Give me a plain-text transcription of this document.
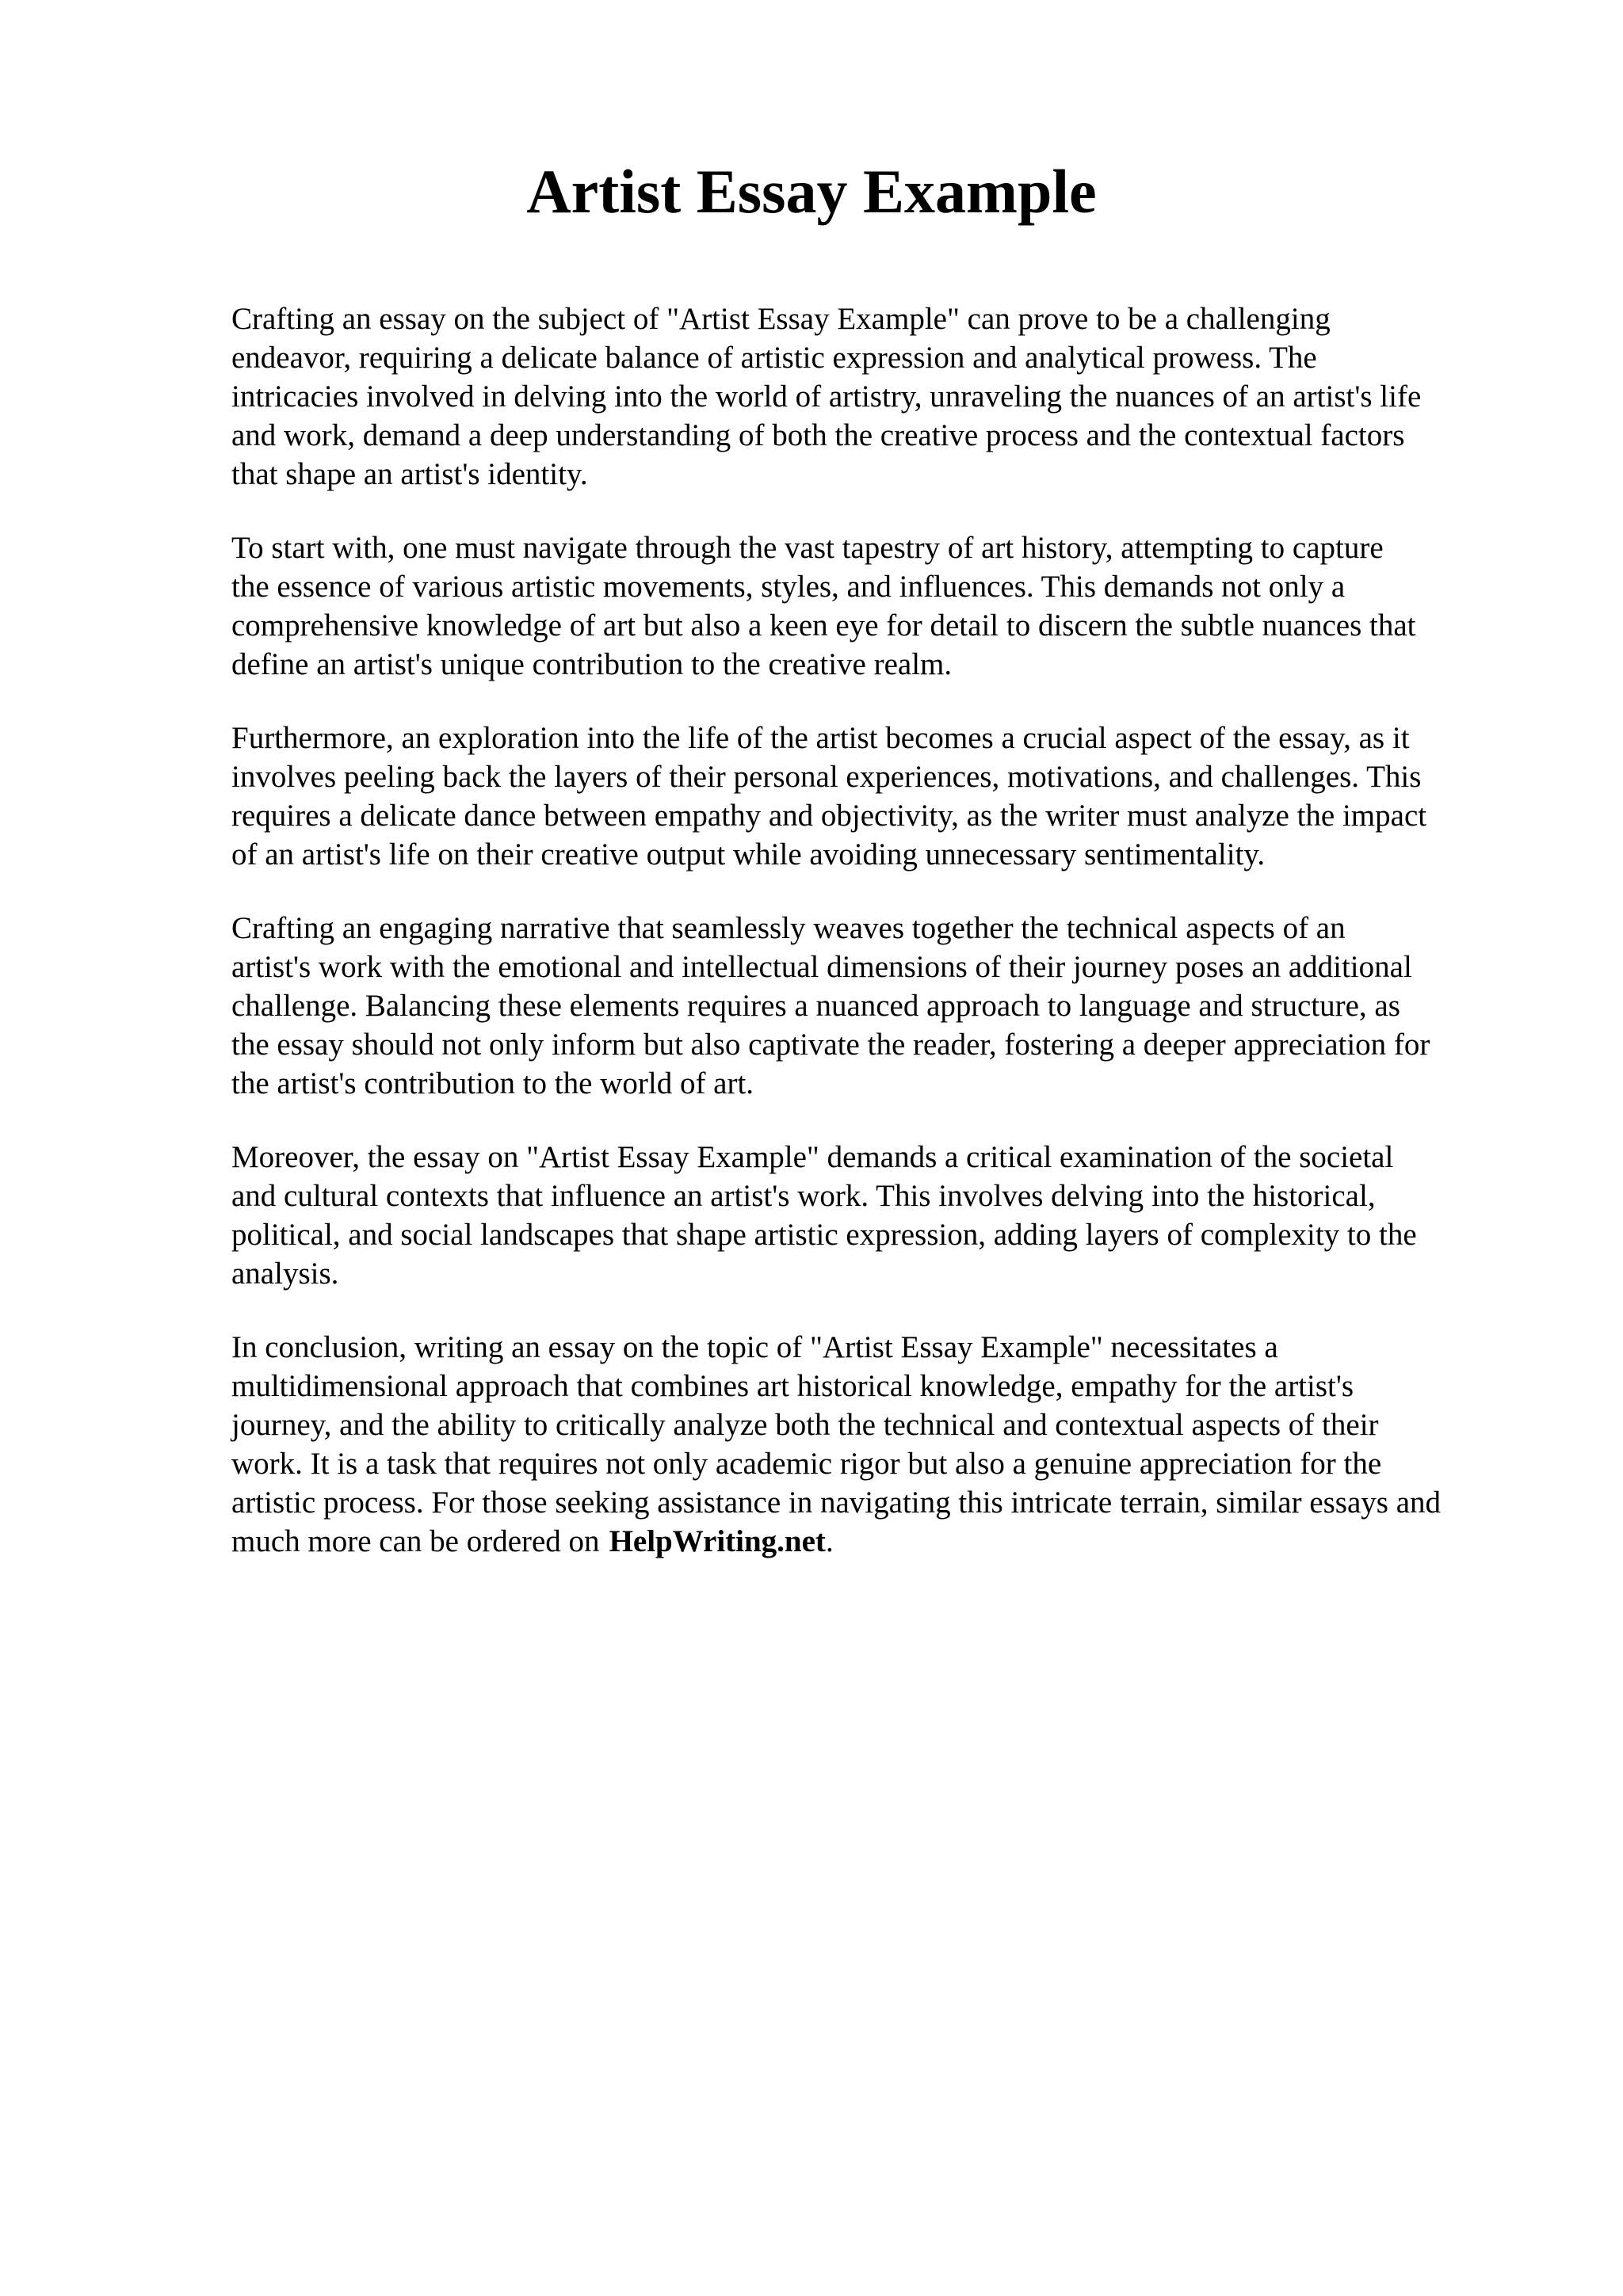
Artist Essay Example

Crafting an essay on the subject of "Artist Essay Example" can prove to be a challenging
endeavor, requiring a delicate balance of artistic expression and analytical prowess. The
intricacies involved in delving into the world of artistry, unraveling the nuances of an artist's life
and work, demand a deep understanding of both the creative process and the contextual factors
that shape an artist's identity.

To start with, one must navigate through the vast tapestry of art history, attempting to capture
the essence of various artistic movements, styles, and influences. This demands not only a
comprehensive knowledge of art but also a keen eye for detail to discern the subtle nuances that
define an artist's unique contribution to the creative realm.

Furthermore, an exploration into the life of the artist becomes a crucial aspect of the essay, as it
involves peeling back the layers of their personal experiences, motivations, and challenges. This
requires a delicate dance between empathy and objectivity, as the writer must analyze the impact
of an artist's life on their creative output while avoiding unnecessary sentimentality.

Crafting an engaging narrative that seamlessly weaves together the technical aspects of an
artist's work with the emotional and intellectual dimensions of their journey poses an additional
challenge. Balancing these elements requires a nuanced approach to language and structure, as
the essay should not only inform but also captivate the reader, fostering a deeper appreciation for
the artist's contribution to the world of art.

Moreover, the essay on "Artist Essay Example" demands a critical examination of the societal
and cultural contexts that influence an artist's work. This involves delving into the historical,
political, and social landscapes that shape artistic expression, adding layers of complexity to the
analysis.

In conclusion, writing an essay on the topic of "Artist Essay Example" necessitates a
multidimensional approach that combines art historical knowledge, empathy for the artist's
journey, and the ability to critically analyze both the technical and contextual aspects of their
work. It is a task that requires not only academic rigor but also a genuine appreciation for the
artistic process. For those seeking assistance in navigating this intricate terrain, similar essays and
much more can be ordered on HelpWriting.net.
